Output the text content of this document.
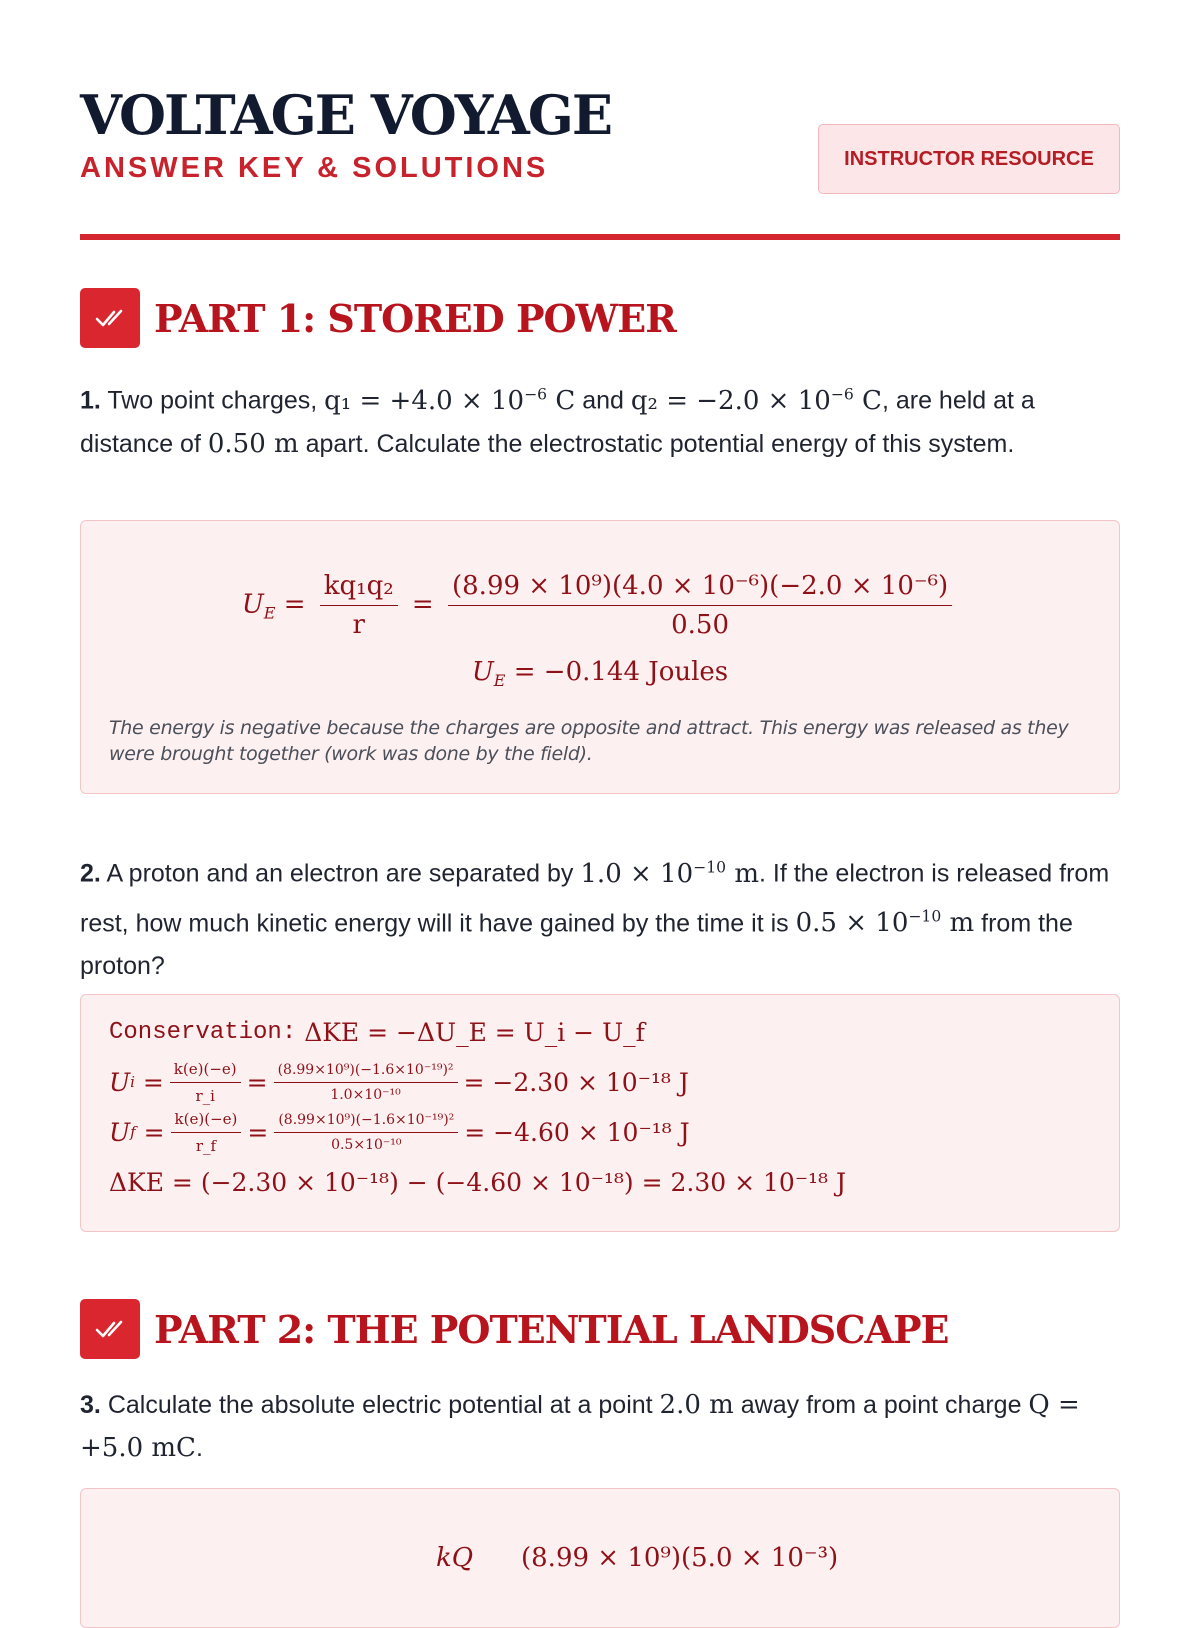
VOLTAGE VOYAGE
ANSWER KEY & SOLUTIONS	INSTRUCTOR RESOURCE
PART 1: STORED POWER
1. Two point charges, $q_1 = +4.0 \times 10^{-6}$ C and $q_2 = -2.0 \times 10^{-6}$ C, are held at a distance of 0.50 m apart. Calculate the electrostatic potential energy of this system.
$U_E = \frac{\text{kq₁q₂}}{r} = \frac{\text{(8.99 × 10⁹)(4.0 × 10⁻⁶)(−2.0 × 10⁻⁶)}}{0.50}$
$U_E = -0.144$ Joules
The energy is negative because the charges are opposite and attract. This energy was released as they were brought together (work was done by the field).
2. A proton and an electron are separated by $1.0 \times 10^{-10}$ m. If the electron is released from rest, how much kinetic energy will it have gained by the time it is $0.5 \times 10^{-10}$ m from the proton?
Conservation:
ΔKE = −ΔU_E = U_i − U_f
U $i = \frac{k(e)(-e)}{r\_i} = \frac{\text{(8.99×10⁹)(−1.6×10⁻¹⁹)²}}{\text{1.0×10⁻¹⁰}} = -2.30 \times 10^{-18}$ J
U $f = \frac{k(e)(-e)}{r\_f} = \frac{\text{(8.99×10⁹)(−1.6×10⁻¹⁹)²}}{\text{0.5×10⁻¹⁰}} = -4.60 \times 10^{-18}$ J
ΔKE = (−2.30 × 10⁻¹⁸) − (−4.60 × 10⁻¹⁸) = 2.30 × 10⁻¹⁸ J
PART 2: THE POTENTIAL LANDSCAPE
3. Calculate the absolute electric potential at a point 2.0 m away from a point charge Q = +5.0 mC.
kQ (8.99 × 10⁹)(5.0 × 10⁻³)
